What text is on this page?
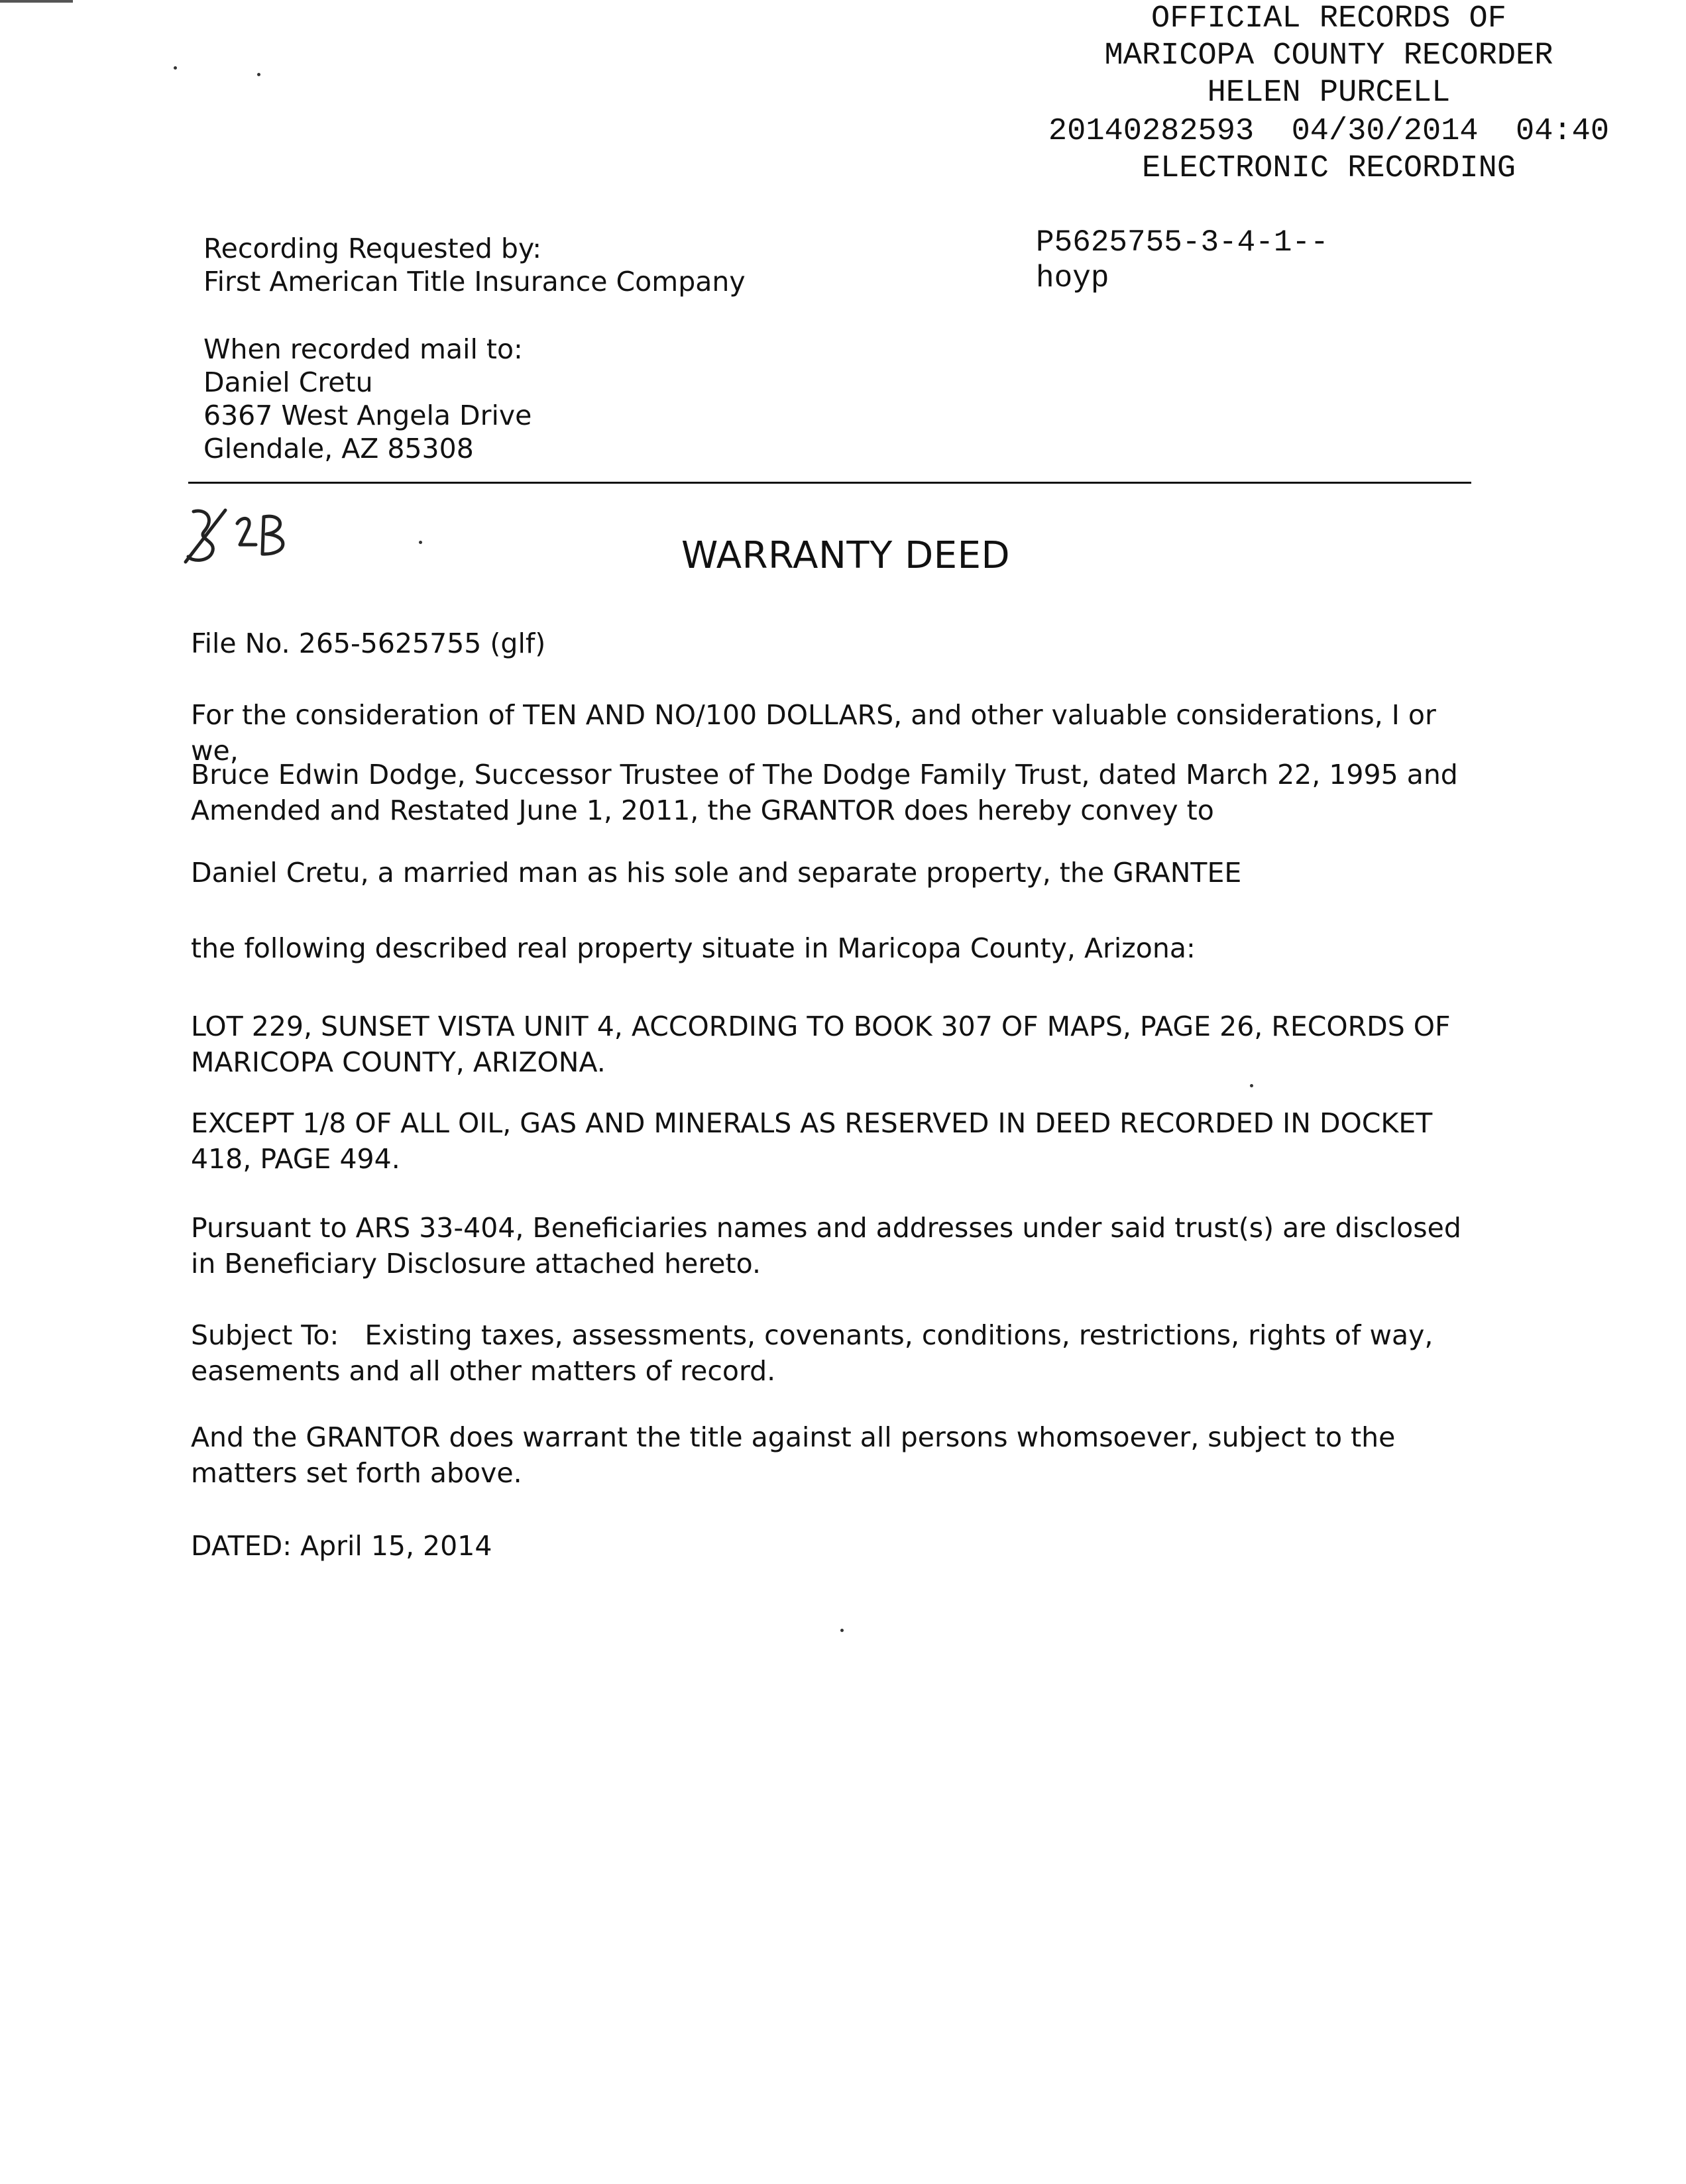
OFFICIAL RECORDS OF
MARICOPA COUNTY RECORDER
HELEN PURCELL
20140282593  04/30/2014  04:40
ELECTRONIC RECORDING
P5625755-3-4-1--
hoyp
Recording Requested by:
First American Title Insurance Company
When recorded mail to:
Daniel Cretu
6367 West Angela Drive
Glendale, AZ 85308
WARRANTY DEED
File No. 265-5625755 (glf)
For the consideration of TEN AND NO/100 DOLLARS, and other valuable considerations, I or we,
Bruce Edwin Dodge, Successor Trustee of The Dodge Family Trust, dated March 22, 1995 and Amended and Restated June 1, 2011, the GRANTOR does hereby convey to
Daniel Cretu, a married man as his sole and separate property, the GRANTEE
the following described real property situate in Maricopa County, Arizona:
LOT 229, SUNSET VISTA UNIT 4, ACCORDING TO BOOK 307 OF MAPS, PAGE 26, RECORDS OF MARICOPA COUNTY, ARIZONA.
EXCEPT 1/8 OF ALL OIL, GAS AND MINERALS AS RESERVED IN DEED RECORDED IN DOCKET 418, PAGE 494.
Pursuant to ARS 33-404, Beneficiaries names and addresses under said trust(s) are disclosed in Beneficiary Disclosure attached hereto.
Subject To: Existing taxes, assessments, covenants, conditions, restrictions, rights of way, easements and all other matters of record.
And the GRANTOR does warrant the title against all persons whomsoever, subject to the matters set forth above.
DATED: April 15, 2014
